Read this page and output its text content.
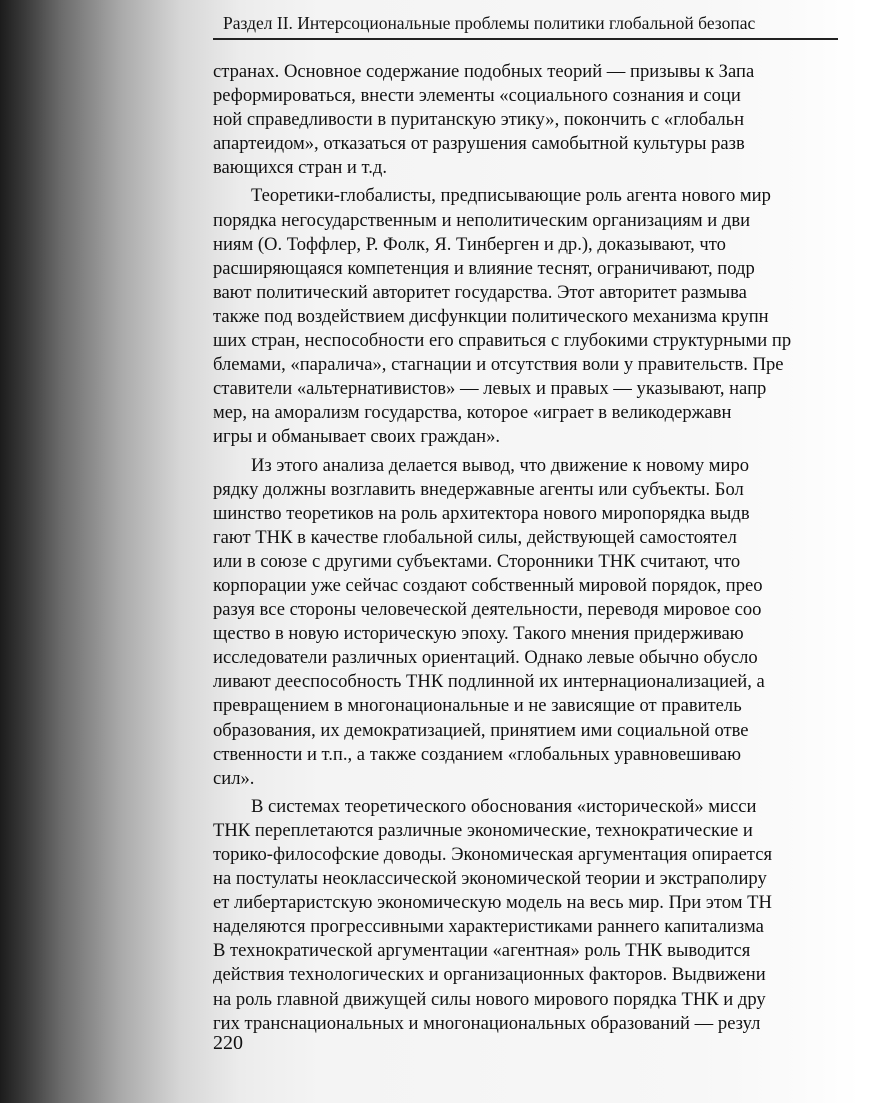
Раздел II. Интерсоциональные проблемы политики глобальной безопас
странах. Основное содержание подобных теорий — призывы к Запа
реформироваться, внести элементы «социального сознания и соци
ной справедливости в пуританскую этику», покончить с «глобальн
апартеидом», отказаться от разрушения самобытной культуры разв
вающихся стран и т.д.
Теоретики-глобалисты, предписывающие роль агента нового мир
порядка негосударственным и неполитическим организациям и дви
ниям (О. Тоффлер, Р. Фолк, Я. Тинберген и др.), доказывают, что
расширяющаяся компетенция и влияние теснят, ограничивают, подр
вают политический авторитет государства. Этот авторитет размыва
также под воздействием дисфункции политического механизма крупн
ших стран, неспособности его справиться с глубокими структурными пр
блемами, «паралича», стагнации и отсутствия воли у правительств. Пре
ставители «альтернативистов» — левых и правых — указывают, напр
мер, на аморализм государства, которое «играет в великодержавн
игры и обманывает своих граждан».
Из этого анализа делается вывод, что движение к новому миро
рядку должны возглавить внедержавные агенты или субъекты. Бол
шинство теоретиков на роль архитектора нового миропорядка выдв
гают ТНК в качестве глобальной силы, действующей самостоятел
или в союзе с другими субъектами. Сторонники ТНК считают, что
корпорации уже сейчас создают собственный мировой порядок, прео
разуя все стороны человеческой деятельности, переводя мировое соо
щество в новую историческую эпоху. Такого мнения придерживаю
исследователи различных ориентаций. Однако левые обычно обусло
ливают дееспособность ТНК подлинной их интернационализацией, а
превращением в многонациональные и не зависящие от правитель
образования, их демократизацией, принятием ими социальной отве
ственности и т.п., а также созданием «глобальных уравновешиваю
сил».
В системах теоретического обоснования «исторической» мисси
ТНК переплетаются различные экономические, технократические и
торико-философские доводы. Экономическая аргументация опирается
на постулаты неоклассической экономической теории и экстраполиру
ет либертаристскую экономическую модель на весь мир. При этом ТН
наделяются прогрессивными характеристиками раннего капитализма
В технократической аргументации «агентная» роль ТНК выводится
действия технологических и организационных факторов. Выдвижени
на роль главной движущей силы нового мирового порядка ТНК и дру
гих транснациональных и многонациональных образований — резул
220
